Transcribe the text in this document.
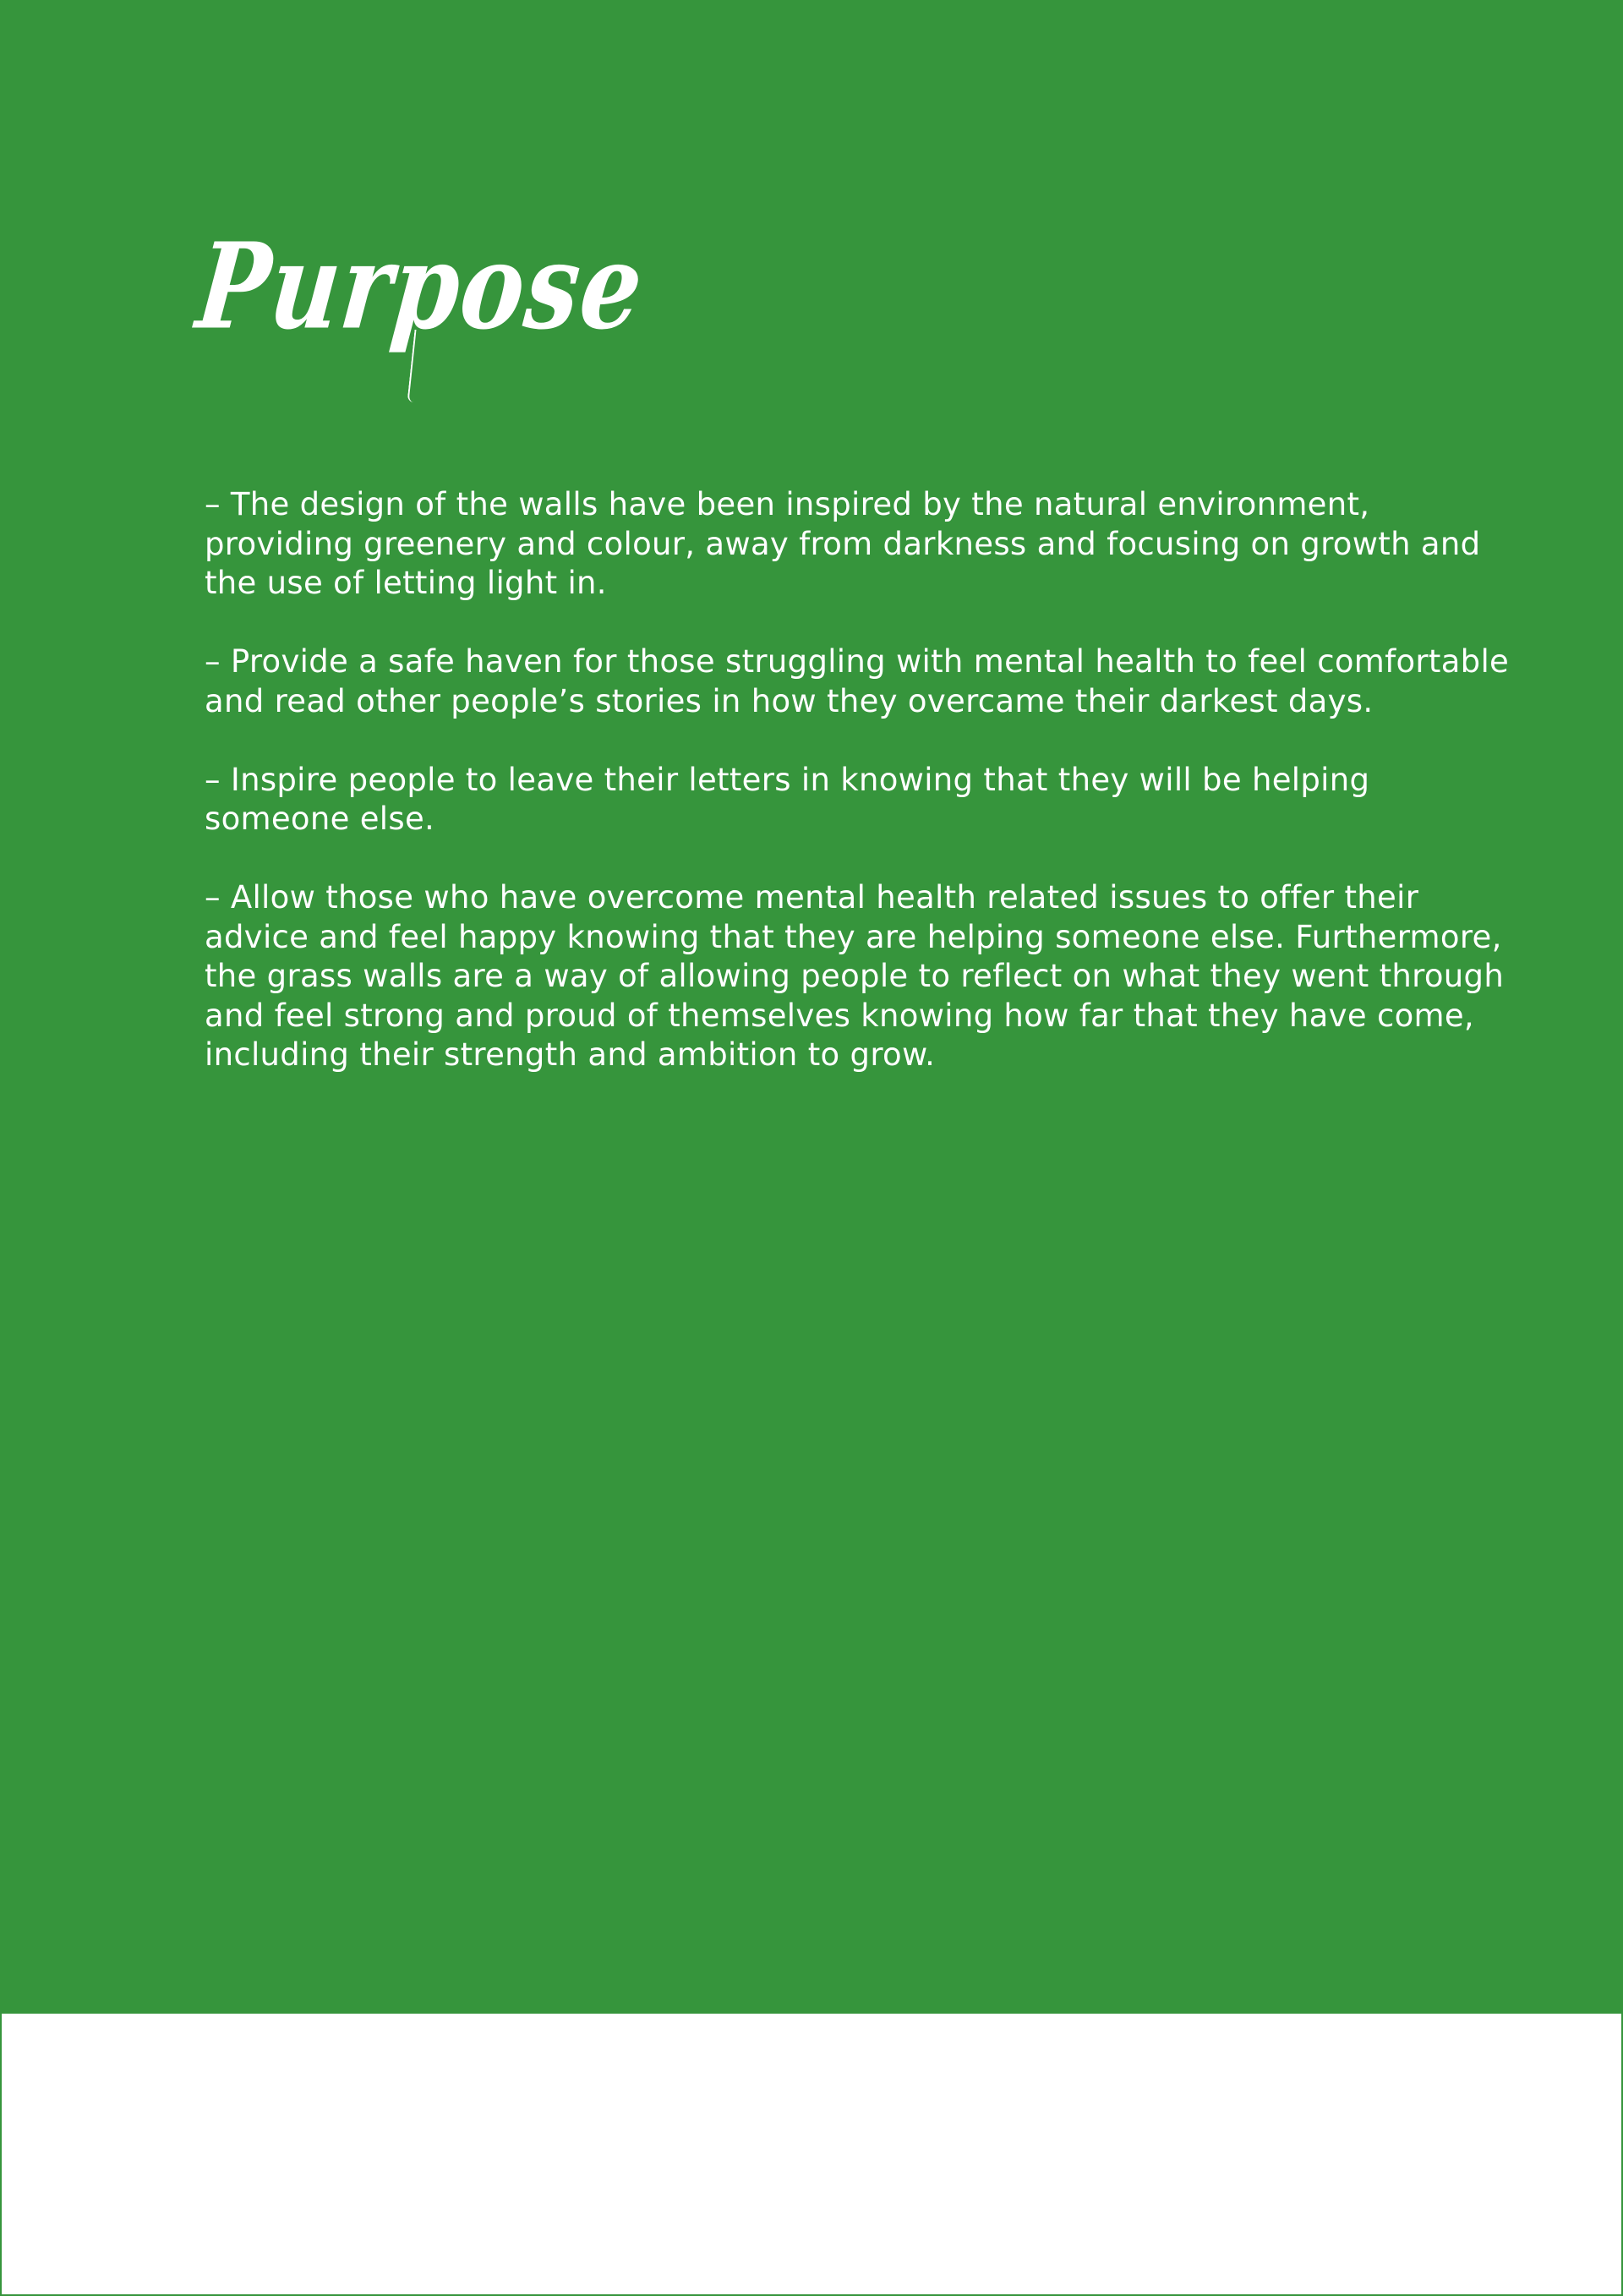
Purpose

– The design of the walls have been inspired by the natural environment,
providing greenery and colour, away from darkness and focusing on growth and
the use of letting light in.

– Provide a safe haven for those struggling with mental health to feel comfortable
and read other people’s stories in how they overcame their darkest days.

– Inspire people to leave their letters in knowing that they will be helping
someone else.

– Allow those who have overcome mental health related issues to offer their
advice and feel happy knowing that they are helping someone else. Furthermore,
the grass walls are a way of allowing people to reflect on what they went through
and feel strong and proud of themselves knowing how far that they have come,
including their strength and ambition to grow.
